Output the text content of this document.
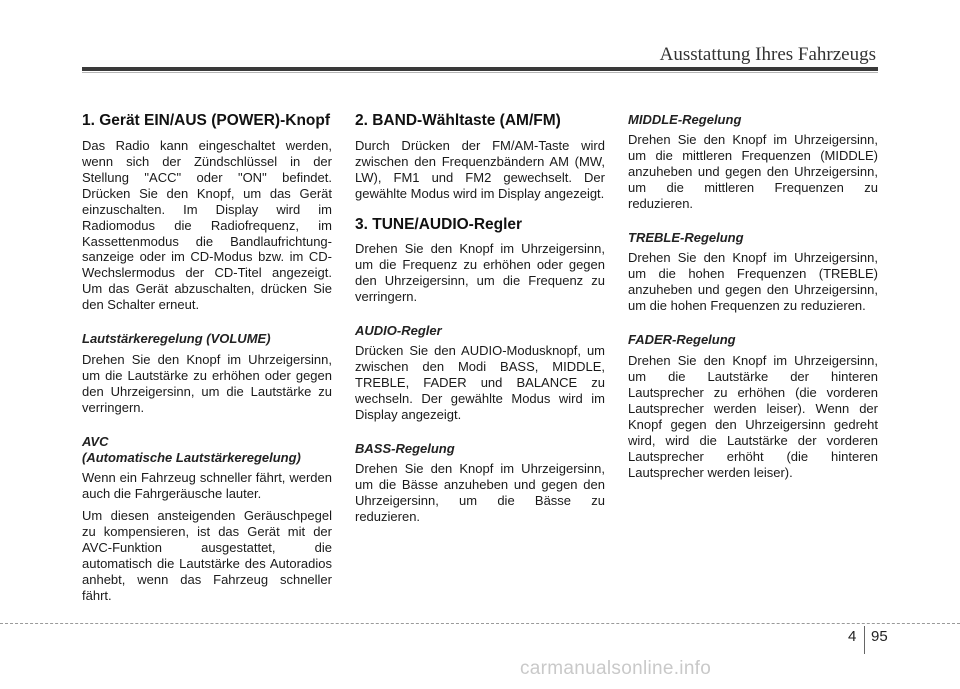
Ausstattung Ihres Fahrzeugs
1. Gerät EIN/AUS (POWER)-Knopf

Das Radio kann eingeschaltet werden, wenn sich der Zündschlüssel in der Stellung "ACC" oder "ON" befindet. Drücken Sie den Knopf, um das Gerät einzuschalten. Im Display wird im Radiomodus die Radiofrequenz, im Kassettenmodus die Bandlaufrichtung-sanzeige oder im CD-Modus bzw. im CD-Wechslermodus der CD-Titel angezeigt. Um das Gerät abzuschalten, drücken Sie den Schalter erneut.

Lautstärkeregelung (VOLUME)

Drehen Sie den Knopf im Uhrzeigersinn, um die Lautstärke zu erhöhen oder gegen den Uhrzeigersinn, um die Lautstärke zu verringern.

AVC
(Automatische Lautstärkeregelung)

Wenn ein Fahrzeug schneller fährt, werden auch die Fahrgeräusche lauter.

Um diesen ansteigenden Geräuschpegel zu kompensieren, ist das Gerät mit der AVC-Funktion ausgestattet, die automatisch die Lautstärke des Autoradios anhebt, wenn das Fahrzeug schneller fährt.

2. BAND-Wähltaste (AM/FM)

Durch Drücken der FM/AM-Taste wird zwischen den Frequenzbändern AM (MW, LW), FM1 und FM2 gewechselt. Der gewählte Modus wird im Display angezeigt.

3. TUNE/AUDIO-Regler

Drehen Sie den Knopf im Uhrzeigersinn, um die Frequenz zu erhöhen oder gegen den Uhrzeigersinn, um die Frequenz zu verringern.

AUDIO-Regler

Drücken Sie den AUDIO-Modusknopf, um zwischen den Modi BASS, MIDDLE, TREBLE, FADER und BALANCE zu wechseln. Der gewählte Modus wird im Display angezeigt.

BASS-Regelung

Drehen Sie den Knopf im Uhrzeigersinn, um die Bässe anzuheben und gegen den Uhrzeigersinn, um die Bässe zu reduzieren.

MIDDLE-Regelung

Drehen Sie den Knopf im Uhrzeigersinn, um die mittleren Frequenzen (MIDDLE) anzuheben und gegen den Uhrzeigersinn, um die mittleren Frequenzen zu reduzieren.

TREBLE-Regelung

Drehen Sie den Knopf im Uhrzeigersinn, um die hohen Frequenzen (TREBLE) anzuheben und gegen den Uhrzeigersinn, um die hohen Frequenzen zu reduzieren.

FADER-Regelung

Drehen Sie den Knopf im Uhrzeigersinn, um die Lautstärke der hinteren Lautsprecher zu erhöhen (die vorderen Lautsprecher werden leiser). Wenn der Knopf gegen den Uhrzeigersinn gedreht wird, wird die Lautstärke der vorderen Lautsprecher erhöht (die hinteren Lautsprecher werden leiser).

4 95
carmanualsonline.info
